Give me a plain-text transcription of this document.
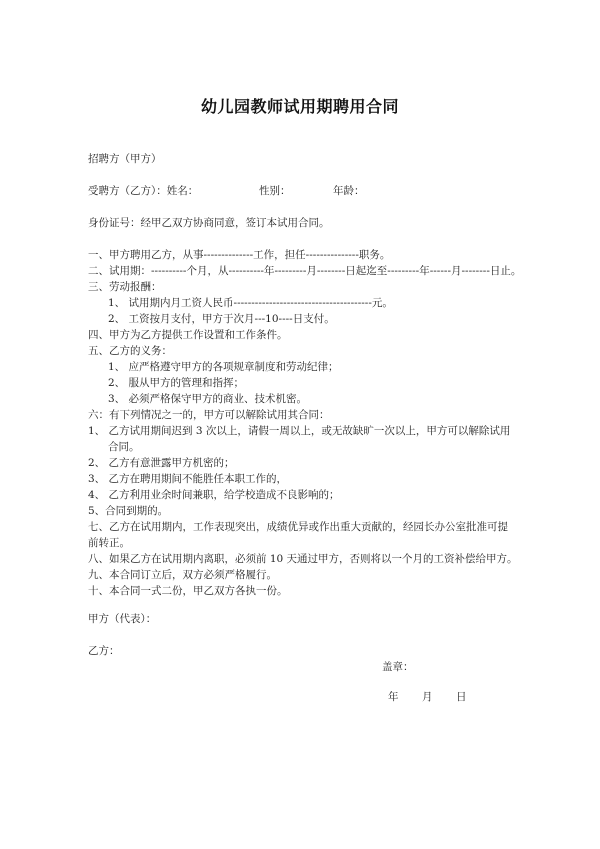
幼儿园教师试用期聘用合同
招聘方（甲方）
受聘方（乙方）：姓名：	性别：	年龄：
身份证号：经甲乙双方协商同意，签订本试用合同。
一、甲方聘用乙方，从事--------------工作，担任---------------职务。
二、试用期：----------个月，从----------年---------月--------日起迄至---------年------月--------日止。
三、劳动报酬：
1、 试用期内月工资人民币---------------------------------------元。
2、 工资按月支付，甲方于次月---10----日支付。
四、甲方为乙方提供工作设置和工作条件。
五、乙方的义务：
1、 应严格遵守甲方的各项规章制度和劳动纪律；
2、 服从甲方的管理和指挥；
3、 必须严格保守甲方的商业、技术机密。
六：有下列情况之一的，甲方可以解除试用其合同：
1、 乙方试用期间迟到 3 次以上，请假一周以上，或无故缺旷一次以上，甲方可以解除试用
合同。
2、 乙方有意泄露甲方机密的；
3、 乙方在聘用期间不能胜任本职工作的，
4、 乙方利用业余时间兼职，给学校造成不良影响的；
5、合同到期的。
七、乙方在试用期内，工作表现突出，成绩优异或作出重大贡献的，经园长办公室批准可提
前转正。
八、如果乙方在试用期内离职，必须前 10 天通过甲方，否则将以一个月的工资补偿给甲方。
九、本合同订立后，双方必须严格履行。
十、本合同一式二份，甲乙双方各执一份。
甲方（代表）：
乙方：
盖章：
年 月 日
